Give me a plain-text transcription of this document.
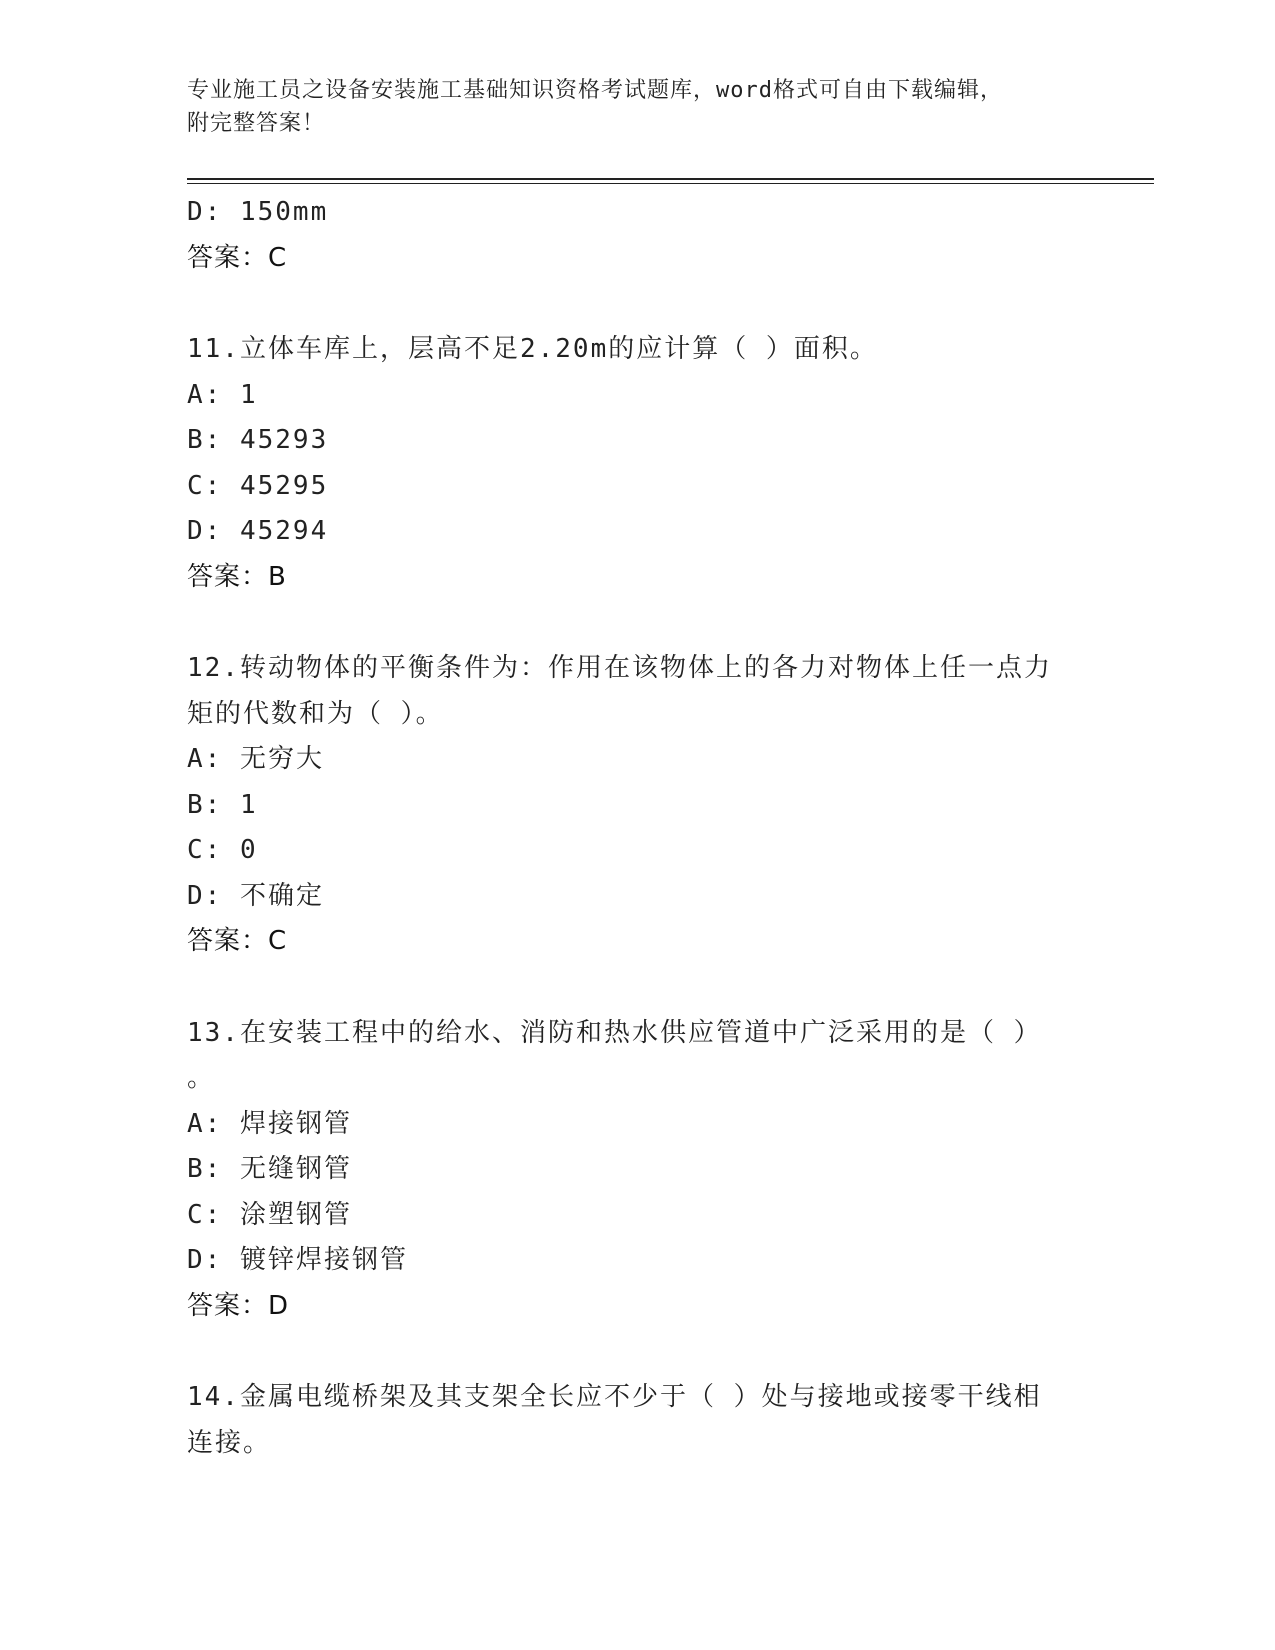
专业施工员之设备安装施工基础知识资格考试题库，word格式可自由下载编辑，
附完整答案！
D: 150mm
答案：C
11.立体车库上，层高不足2.20m的应计算（ ）面积。
A: 1
B: 45293
C: 45295
D: 45294
答案：B
12.转动物体的平衡条件为：作用在该物体上的各力对物体上任一点力
矩的代数和为（ ）。
A: 无穷大
B: 1
C: 0
D: 不确定
答案：C
13.在安装工程中的给水、消防和热水供应管道中广泛采用的是（ ）
。
A: 焊接钢管
B: 无缝钢管
C: 涂塑钢管
D: 镀锌焊接钢管
答案：D
14.金属电缆桥架及其支架全长应不少于（ ）处与接地或接零干线相
连接。
